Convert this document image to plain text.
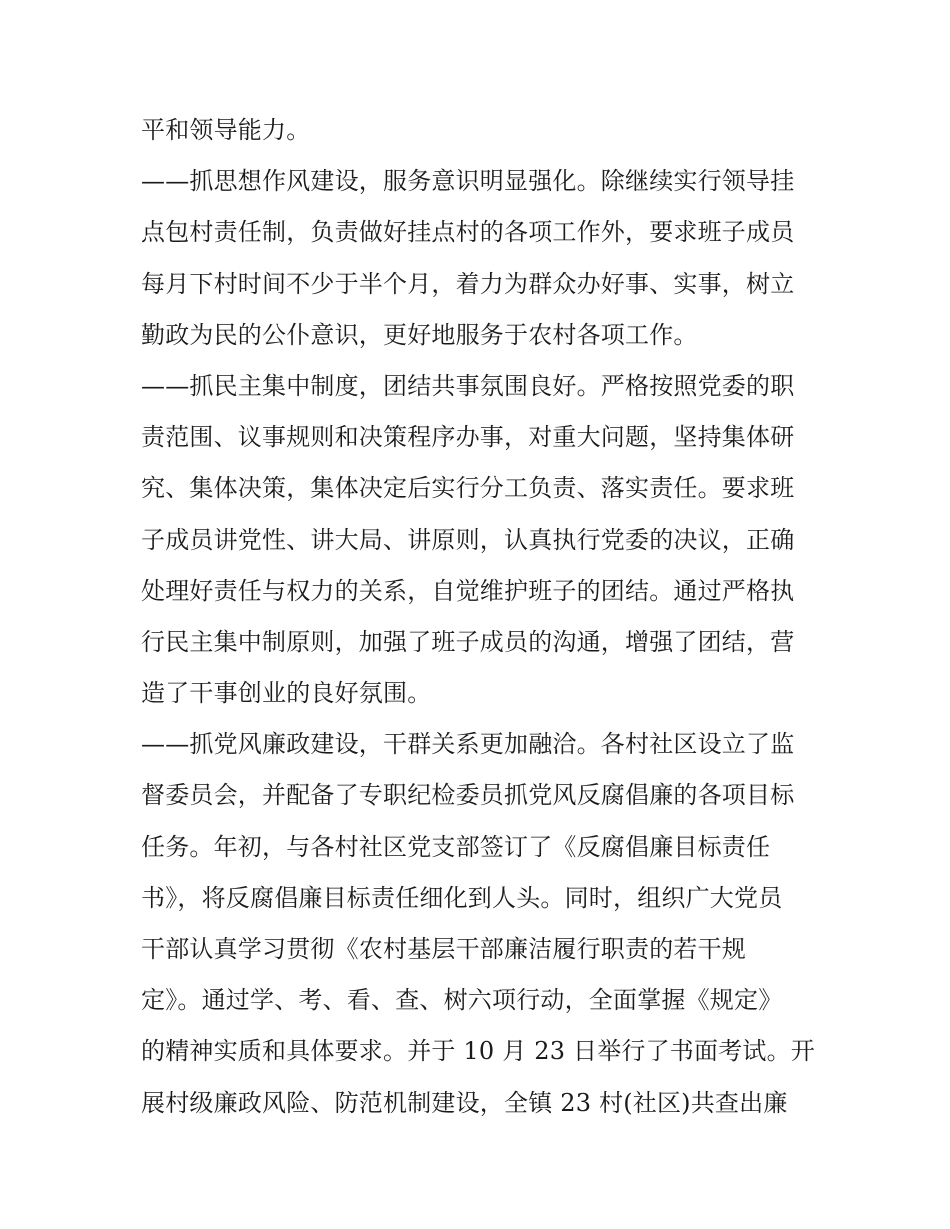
平和领导能力。
——抓思想作风建设，服务意识明显强化。除继续实行领导挂
点包村责任制，负责做好挂点村的各项工作外，要求班子成员
每月下村时间不少于半个月，着力为群众办好事、实事，树立
勤政为民的公仆意识，更好地服务于农村各项工作。
——抓民主集中制度，团结共事氛围良好。严格按照党委的职
责范围、议事规则和决策程序办事，对重大问题，坚持集体研
究、集体决策，集体决定后实行分工负责、落实责任。要求班
子成员讲党性、讲大局、讲原则，认真执行党委的决议，正确
处理好责任与权力的关系，自觉维护班子的团结。通过严格执
行民主集中制原则，加强了班子成员的沟通，增强了团结，营
造了干事创业的良好氛围。
——抓党风廉政建设，干群关系更加融洽。各村社区设立了监
督委员会，并配备了专职纪检委员抓党风反腐倡廉的各项目标
任务。年初，与各村社区党支部签订了《反腐倡廉目标责任
书》，将反腐倡廉目标责任细化到人头。同时，组织广大党员
干部认真学习贯彻《农村基层干部廉洁履行职责的若干规
定》。通过学、考、看、查、树六项行动，全面掌握《规定》
的精神实质和具体要求。并于 10 月 23 日举行了书面考试。开
展村级廉政风险、防范机制建设，全镇 23 村(社区)共查出廉
